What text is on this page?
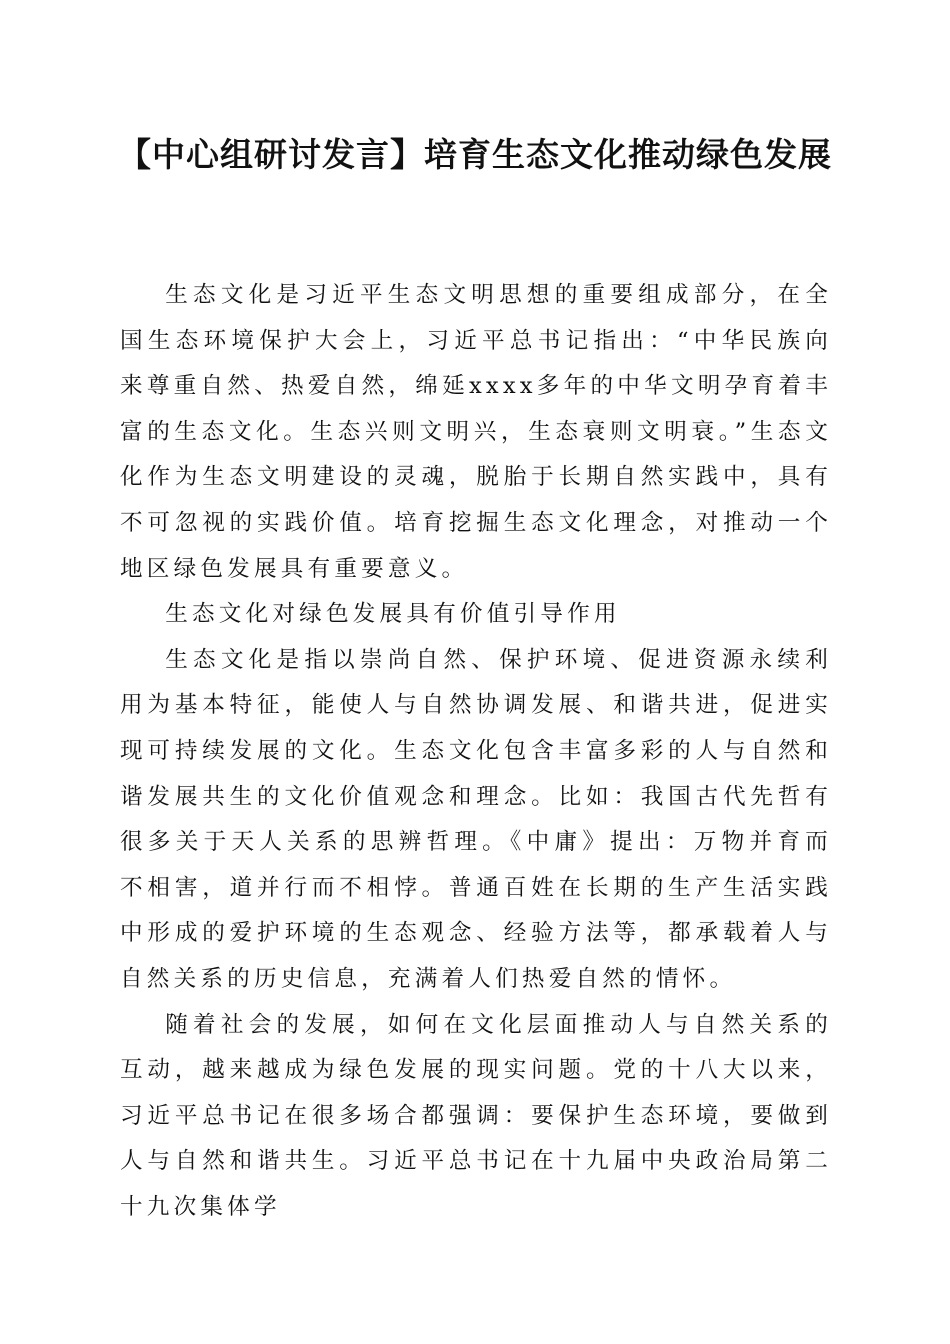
【中心组研讨发言】培育生态文化推动绿色发展

生态文化是习近平生态文明思想的重要组成部分，在全国生态环境保护大会上，习近平总书记指出：“中华民族向来尊重自然、热爱自然，绵延xxxx多年的中华文明孕育着丰富的生态文化。生态兴则文明兴，生态衰则文明衰。”生态文化作为生态文明建设的灵魂，脱胎于长期自然实践中，具有不可忽视的实践价值。培育挖掘生态文化理念，对推动一个地区绿色发展具有重要意义。

生态文化对绿色发展具有价值引导作用

生态文化是指以崇尚自然、保护环境、促进资源永续利用为基本特征，能使人与自然协调发展、和谐共进，促进实现可持续发展的文化。生态文化包含丰富多彩的人与自然和谐发展共生的文化价值观念和理念。比如：我国古代先哲有很多关于天人关系的思辨哲理。《中庸》提出：万物并育而不相害，道并行而不相悖。普通百姓在长期的生产生活实践中形成的爱护环境的生态观念、经验方法等，都承载着人与自然关系的历史信息，充满着人们热爱自然的情怀。

随着社会的发展，如何在文化层面推动人与自然关系的互动，越来越成为绿色发展的现实问题。党的十八大以来，习近平总书记在很多场合都强调：要保护生态环境，要做到人与自然和谐共生。习近平总书记在十九届中央政治局第二十九次集体学
